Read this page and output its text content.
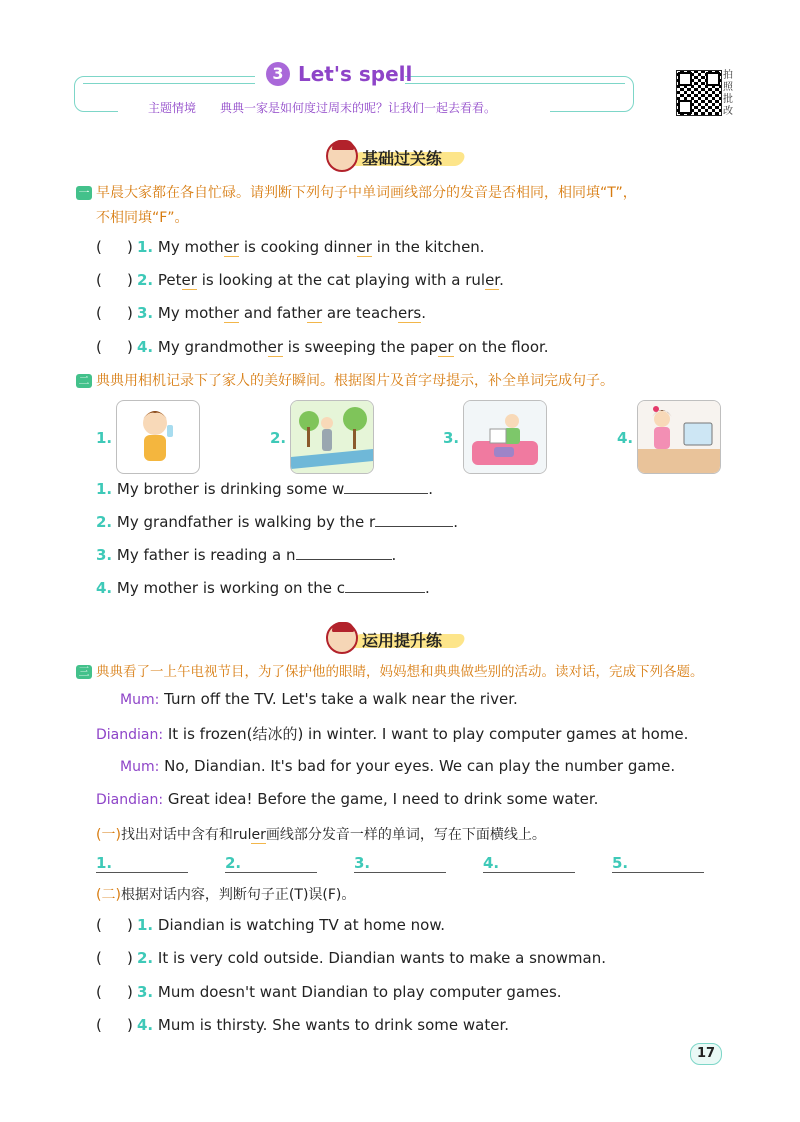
3 Let's spell
主题情境 典典一家是如何度过周末的呢？让我们一起去看看。
拍照批改
基础过关练
一 早晨大家都在各自忙碌。请判断下列句子中单词画线部分的发音是否相同，相同填“T”，
不相同填“F”。
( ) 1. My mother is cooking dinner in the kitchen.
( ) 2. Peter is looking at the cat playing with a ruler.
( ) 3. My mother and father are teachers.
( ) 4. My grandmother is sweeping the paper on the floor.
二 典典用相机记录下了家人的美好瞬间。根据图片及首字母提示，补全单词完成句子。
1.	2.	3.	4.
1. My brother is drinking some w	.
2. My grandfather is walking by the r	.
3. My father is reading a n	.
4. My mother is working on the c	.
运用提升练
三 典典看了一上午电视节目，为了保护他的眼睛，妈妈想和典典做些别的活动。读对话，完成下列各题。
Mum: Turn off the TV. Let's take a walk near the river.
Diandian: It is frozen(结冰的) in winter. I want to play computer games at home.
Mum: No, Diandian. It's bad for your eyes. We can play the number game.
Diandian: Great idea! Before the game, I need to drink some water.
(一)找出对话中含有和ruler画线部分发音一样的单词，写在下面横线上。
1.	2.	3.	4.	5.
(二)根据对话内容，判断句子正(T)误(F)。
( ) 1. Diandian is watching TV at home now.
( ) 2. It is very cold outside. Diandian wants to make a snowman.
( ) 3. Mum doesn't want Diandian to play computer games.
( ) 4. Mum is thirsty. She wants to drink some water.
17
